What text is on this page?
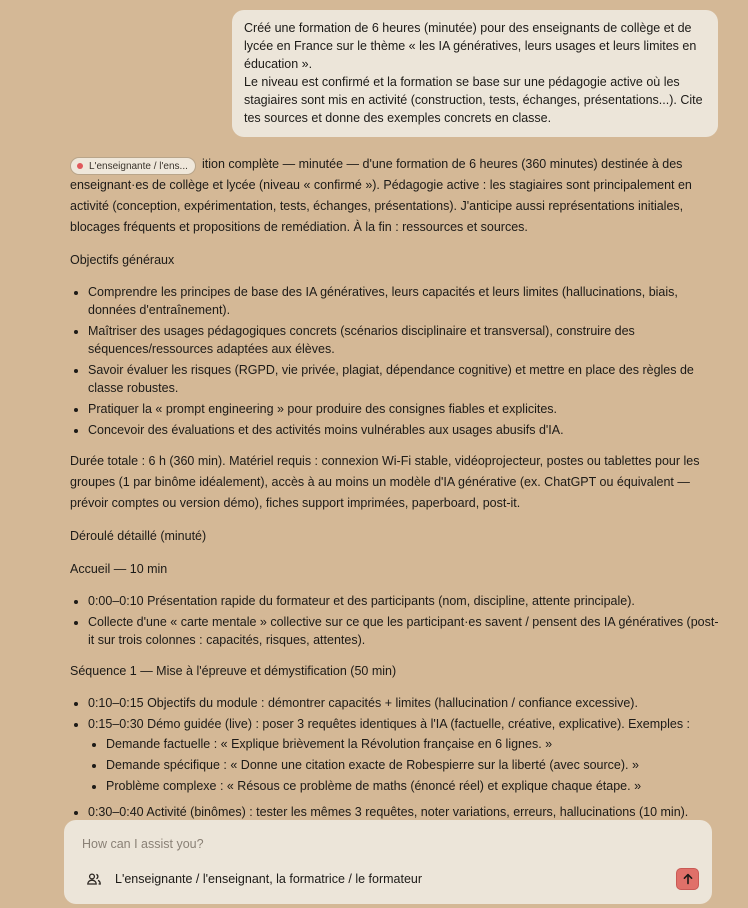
Créé une formation de 6 heures (minutée) pour des enseignants de collège et de lycée en France sur le thème « les IA génératives, leurs usages et leurs limites en éducation ».

Le niveau est confirmé et la formation se base sur une pédagogie active où les stagiaires sont mis en activité (construction, tests, échanges, présentations...). Cite tes sources et donne des exemples concrets en classe.

L'enseignante / l'ens...	ition complète — minutée — d'une formation de 6 heures (360 minutes) destinée à des enseignant·es de collège et lycée (niveau « confirmé »). Pédagogie active : les stagiaires sont principalement en activité (conception, expérimentation, tests, échanges, présentations). J'anticipe aussi représentations initiales, blocages fréquents et propositions de remédiation. À la fin : ressources et sources.

Objectifs généraux

• Comprendre les principes de base des IA génératives, leurs capacités et leurs limites (hallucinations, biais, données d'entraînement).
• Maîtriser des usages pédagogiques concrets (scénarios disciplinaire et transversal), construire des séquences/ressources adaptées aux élèves.
• Savoir évaluer les risques (RGPD, vie privée, plagiat, dépendance cognitive) et mettre en place des règles de classe robustes.
• Pratiquer la « prompt engineering » pour produire des consignes fiables et explicites.
• Concevoir des évaluations et des activités moins vulnérables aux usages abusifs d'IA.

Durée totale : 6 h (360 min). Matériel requis : connexion Wi-Fi stable, vidéoprojecteur, postes ou tablettes pour les groupes (1 par binôme idéalement), accès à au moins un modèle d'IA générative (ex. ChatGPT ou équivalent — prévoir comptes ou version démo), fiches support imprimées, paperboard, post-it.

Déroulé détaillé (minuté)

Accueil — 10 min

• 0:00–0:10 Présentation rapide du formateur et des participants (nom, discipline, attente principale).
• Collecte d'une « carte mentale » collective sur ce que les participant·es savent / pensent des IA génératives (post-it sur trois colonnes : capacités, risques, attentes).

Séquence 1 — Mise à l'épreuve et démystification (50 min)

• 0:10–0:15 Objectifs du module : démontrer capacités + limites (hallucination / confiance excessive).
• 0:15–0:30 Démo guidée (live) : poser 3 requêtes identiques à l'IA (factuelle, créative, explicative). Exemples :
• Demande factuelle : « Explique brièvement la Révolution française en 6 lignes. »
• Demande spécifique : « Donne une citation exacte de Robespierre sur la liberté (avec source). »
• Problème complexe : « Résous ce problème de maths (énoncé réel) et explique chaque étape. »
• 0:30–0:40 Activité (binômes) : tester les mêmes 3 requêtes, noter variations, erreurs, hallucinations (10 min).
How can I assist you?
L'enseignante / l'enseignant, la formatrice / le formateur
